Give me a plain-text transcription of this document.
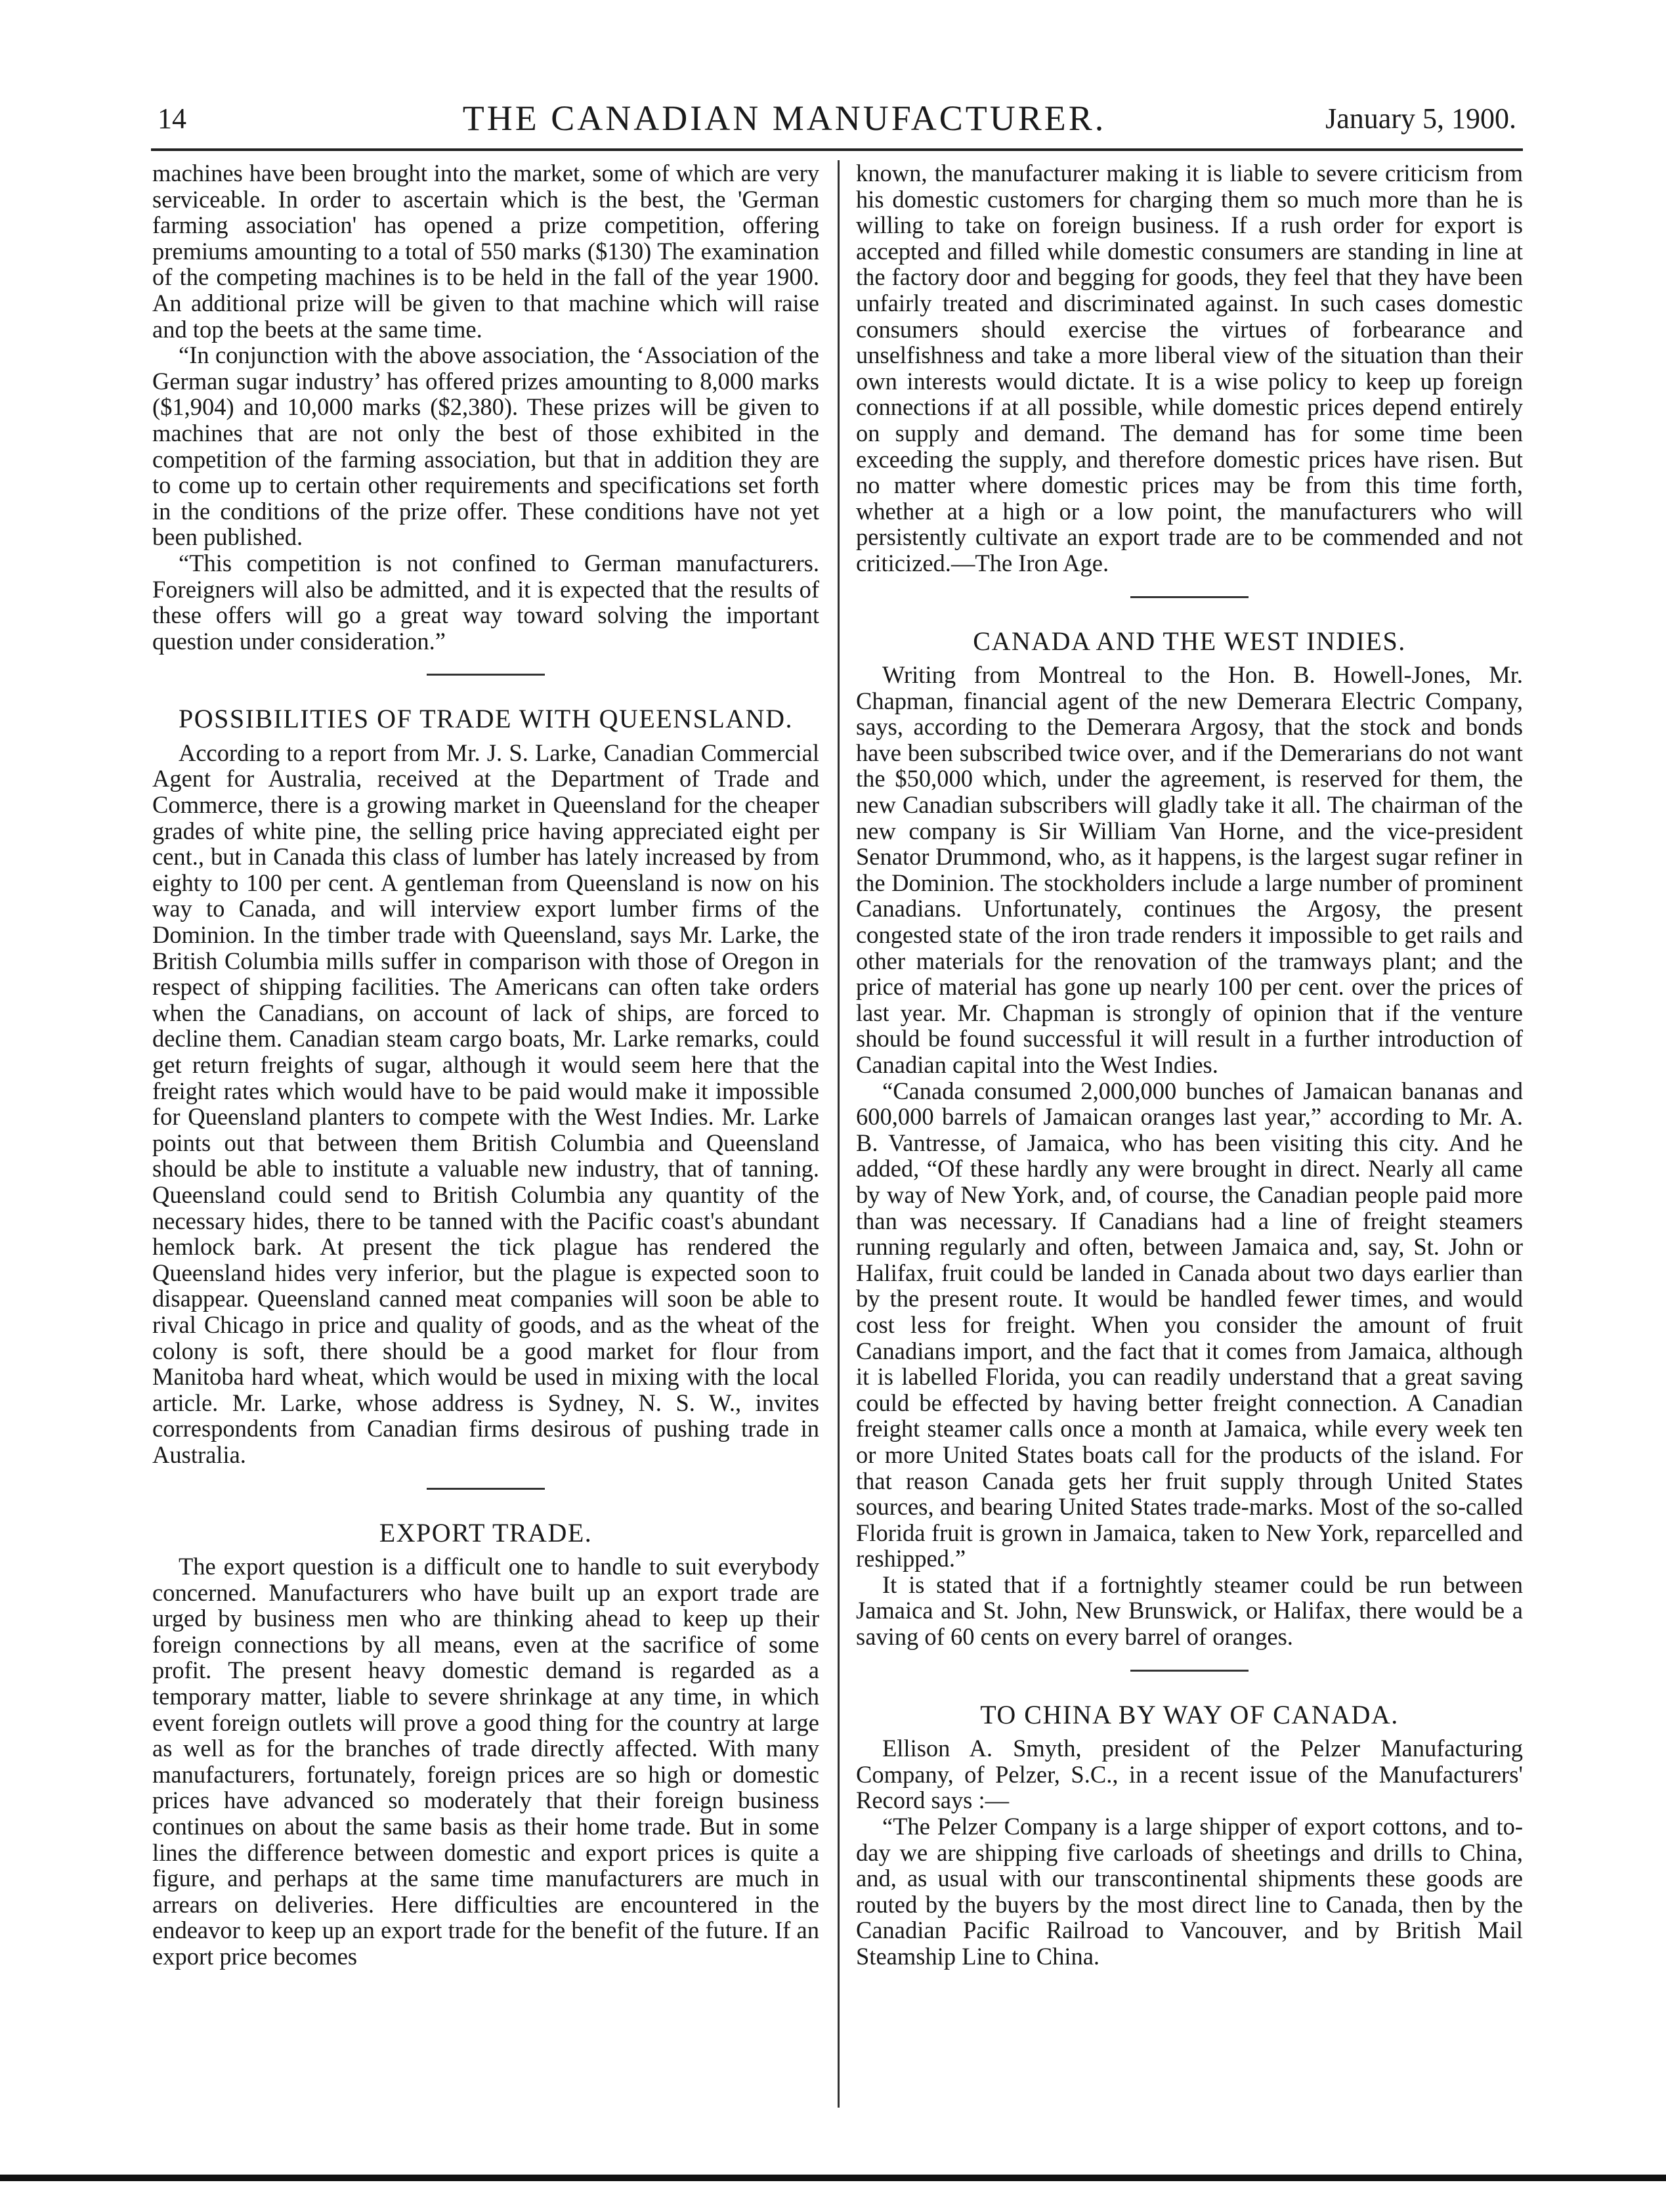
14	THE CANADIAN MANUFACTURER.	January 5, 1900.

machines have been brought into the market, some of which are very serviceable. In order to ascertain which is the best, the 'German farming association' has opened a prize competition, offering premiums amounting to a total of 550 marks ($130) The examination of the competing machines is to be held in the fall of the year 1900. An additional prize will be given to that machine which will raise and top the beets at the same time.

“In conjunction with the above association, the ‘Association of the German sugar industry’ has offered prizes amounting to 8,000 marks ($1,904) and 10,000 marks ($2,380). These prizes will be given to machines that are not only the best of those exhibited in the competition of the farming association, but that in addition they are to come up to certain other requirements and specifications set forth in the conditions of the prize offer. These conditions have not yet been published.

“This competition is not confined to German manufacturers. Foreigners will also be admitted, and it is expected that the results of these offers will go a great way toward solving the important question under consideration.”

POSSIBILITIES OF TRADE WITH QUEENSLAND.

According to a report from Mr. J. S. Larke, Canadian Commercial Agent for Australia, received at the Department of Trade and Commerce, there is a growing market in Queensland for the cheaper grades of white pine, the selling price having appreciated eight per cent., but in Canada this class of lumber has lately increased by from eighty to 100 per cent. A gentleman from Queensland is now on his way to Canada, and will interview export lumber firms of the Dominion. In the timber trade with Queensland, says Mr. Larke, the British Columbia mills suffer in comparison with those of Oregon in respect of shipping facilities. The Americans can often take orders when the Canadians, on account of lack of ships, are forced to decline them. Canadian steam cargo boats, Mr. Larke remarks, could get return freights of sugar, although it would seem here that the freight rates which would have to be paid would make it impossible for Queensland planters to compete with the West Indies. Mr. Larke points out that between them British Columbia and Queensland should be able to institute a valuable new industry, that of tanning. Queensland could send to British Columbia any quantity of the necessary hides, there to be tanned with the Pacific coast's abundant hemlock bark. At present the tick plague has rendered the Queensland hides very inferior, but the plague is expected soon to disappear. Queensland canned meat companies will soon be able to rival Chicago in price and quality of goods, and as the wheat of the colony is soft, there should be a good market for flour from Manitoba hard wheat, which would be used in mixing with the local article. Mr. Larke, whose address is Sydney, N. S. W., invites correspondents from Canadian firms desirous of pushing trade in Australia.

EXPORT TRADE.

The export question is a difficult one to handle to suit everybody concerned. Manufacturers who have built up an export trade are urged by business men who are thinking ahead to keep up their foreign connections by all means, even at the sacrifice of some profit. The present heavy domestic demand is regarded as a temporary matter, liable to severe shrinkage at any time, in which event foreign outlets will prove a good thing for the country at large as well as for the branches of trade directly affected. With many manufacturers, fortunately, foreign prices are so high or domestic prices have advanced so moderately that their foreign business continues on about the same basis as their home trade. But in some lines the difference between domestic and export prices is quite a figure, and perhaps at the same time manufacturers are much in arrears on deliveries. Here difficulties are encountered in the endeavor to keep up an export trade for the benefit of the future. If an export price becomes

known, the manufacturer making it is liable to severe criticism from his domestic customers for charging them so much more than he is willing to take on foreign business. If a rush order for export is accepted and filled while domestic consumers are standing in line at the factory door and begging for goods, they feel that they have been unfairly treated and discriminated against. In such cases domestic consumers should exercise the virtues of forbearance and unselfishness and take a more liberal view of the situation than their own interests would dictate. It is a wise policy to keep up foreign connections if at all possible, while domestic prices depend entirely on supply and demand. The demand has for some time been exceeding the supply, and therefore domestic prices have risen. But no matter where domestic prices may be from this time forth, whether at a high or a low point, the manufacturers who will persistently cultivate an export trade are to be commended and not criticized.—The Iron Age.

CANADA AND THE WEST INDIES.

Writing from Montreal to the Hon. B. Howell-Jones, Mr. Chapman, financial agent of the new Demerara Electric Company, says, according to the Demerara Argosy, that the stock and bonds have been subscribed twice over, and if the Demerarians do not want the $50,000 which, under the agreement, is reserved for them, the new Canadian subscribers will gladly take it all. The chairman of the new company is Sir William Van Horne, and the vice-president Senator Drummond, who, as it happens, is the largest sugar refiner in the Dominion. The stockholders include a large number of prominent Canadians. Unfortunately, continues the Argosy, the present congested state of the iron trade renders it impossible to get rails and other materials for the renovation of the tramways plant; and the price of material has gone up nearly 100 per cent. over the prices of last year. Mr. Chapman is strongly of opinion that if the venture should be found successful it will result in a further introduction of Canadian capital into the West Indies.

“Canada consumed 2,000,000 bunches of Jamaican bananas and 600,000 barrels of Jamaican oranges last year,” according to Mr. A. B. Vantresse, of Jamaica, who has been visiting this city. And he added, “Of these hardly any were brought in direct. Nearly all came by way of New York, and, of course, the Canadian people paid more than was necessary. If Canadians had a line of freight steamers running regularly and often, between Jamaica and, say, St. John or Halifax, fruit could be landed in Canada about two days earlier than by the present route. It would be handled fewer times, and would cost less for freight. When you consider the amount of fruit Canadians import, and the fact that it comes from Jamaica, although it is labelled Florida, you can readily understand that a great saving could be effected by having better freight connection. A Canadian freight steamer calls once a month at Jamaica, while every week ten or more United States boats call for the products of the island. For that reason Canada gets her fruit supply through United States sources, and bearing United States trade-marks. Most of the so-called Florida fruit is grown in Jamaica, taken to New York, reparcelled and reshipped.”

It is stated that if a fortnightly steamer could be run between Jamaica and St. John, New Brunswick, or Halifax, there would be a saving of 60 cents on every barrel of oranges.

TO CHINA BY WAY OF CANADA.

Ellison A. Smyth, president of the Pelzer Manufacturing Company, of Pelzer, S.C., in a recent issue of the Manufacturers' Record says :—

“The Pelzer Company is a large shipper of export cottons, and to-day we are shipping five carloads of sheetings and drills to China, and, as usual with our transcontinental shipments these goods are routed by the buyers by the most direct line to Canada, then by the Canadian Pacific Railroad to Vancouver, and by British Mail Steamship Line to China.
